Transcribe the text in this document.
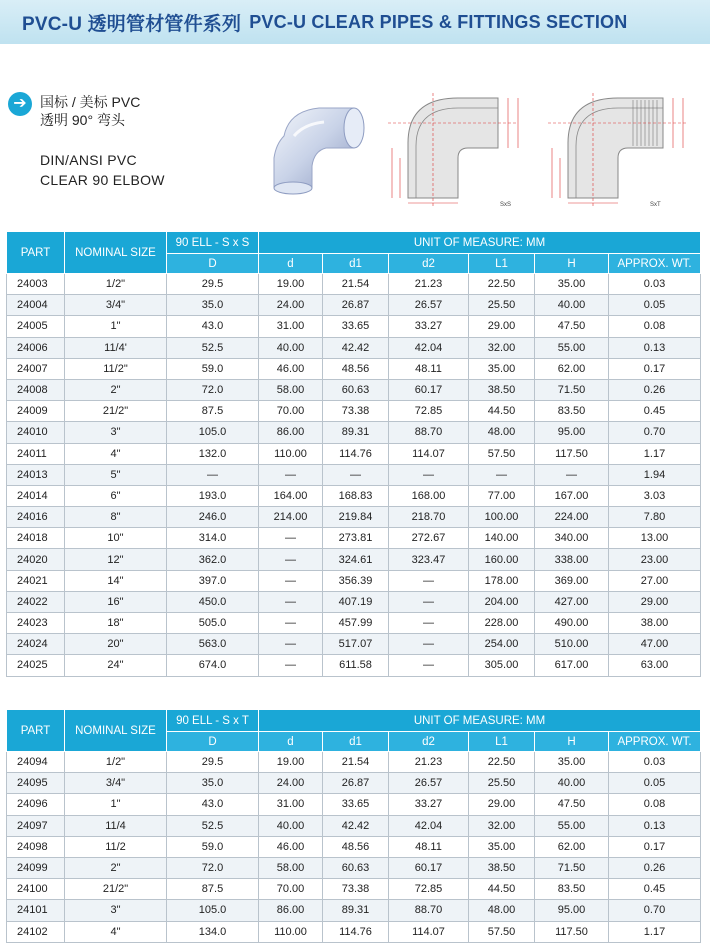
PVC-U 透明管材管件系列 PVC-U CLEAR PIPES & FITTINGS SECTION
➔ 国标 / 美标 PVC
透明 90° 弯头
DIN/ANSI PVC
CLEAR 90 ELBOW
SxS	SxT
PART	NOMINAL SIZE	90 ELL - S x S	UNIT OF MEASURE: MM					
		D	d	d1	d2	L1	H	APPROX. WT.
24003	1/2"	29.5	19.00	21.54	21.23	22.50	35.00	0.03
24004	3/4"	35.0	24.00	26.87	26.57	25.50	40.00	0.05
24005	1"	43.0	31.00	33.65	33.27	29.00	47.50	0.08
24006	11/4'	52.5	40.00	42.42	42.04	32.00	55.00	0.13
24007	11/2"	59.0	46.00	48.56	48.11	35.00	62.00	0.17
24008	2"	72.0	58.00	60.63	60.17	38.50	71.50	0.26
24009	21/2"	87.5	70.00	73.38	72.85	44.50	83.50	0.45
24010	3"	105.0	86.00	89.31	88.70	48.00	95.00	0.70
24011	4"	132.0	110.00	114.76	114.07	57.50	117.50	1.17
24013	5"	—	—	—	—	—	—	1.94
24014	6"	193.0	164.00	168.83	168.00	77.00	167.00	3.03
24016	8"	246.0	214.00	219.84	218.70	100.00	224.00	7.80
24018	10"	314.0	—	273.81	272.67	140.00	340.00	13.00
24020	12"	362.0	—	324.61	323.47	160.00	338.00	23.00
24021	14"	397.0	—	356.39	—	178.00	369.00	27.00
24022	16"	450.0	—	407.19	—	204.00	427.00	29.00
24023	18"	505.0	—	457.99	—	228.00	490.00	38.00
24024	20"	563.0	—	517.07	—	254.00	510.00	47.00
24025	24"	674.0	—	611.58	—	305.00	617.00	63.00
PART	NOMINAL SIZE	90 ELL - S x T	UNIT OF MEASURE: MM					
		D	d	d1	d2	L1	H	APPROX. WT.
24094	1/2"	29.5	19.00	21.54	21.23	22.50	35.00	0.03
24095	3/4"	35.0	24.00	26.87	26.57	25.50	40.00	0.05
24096	1"	43.0	31.00	33.65	33.27	29.00	47.50	0.08
24097	11/4	52.5	40.00	42.42	42.04	32.00	55.00	0.13
24098	11/2	59.0	46.00	48.56	48.11	35.00	62.00	0.17
24099	2"	72.0	58.00	60.63	60.17	38.50	71.50	0.26
24100	21/2"	87.5	70.00	73.38	72.85	44.50	83.50	0.45
24101	3"	105.0	86.00	89.31	88.70	48.00	95.00	0.70
24102	4"	134.0	110.00	114.76	114.07	57.50	117.50	1.17
